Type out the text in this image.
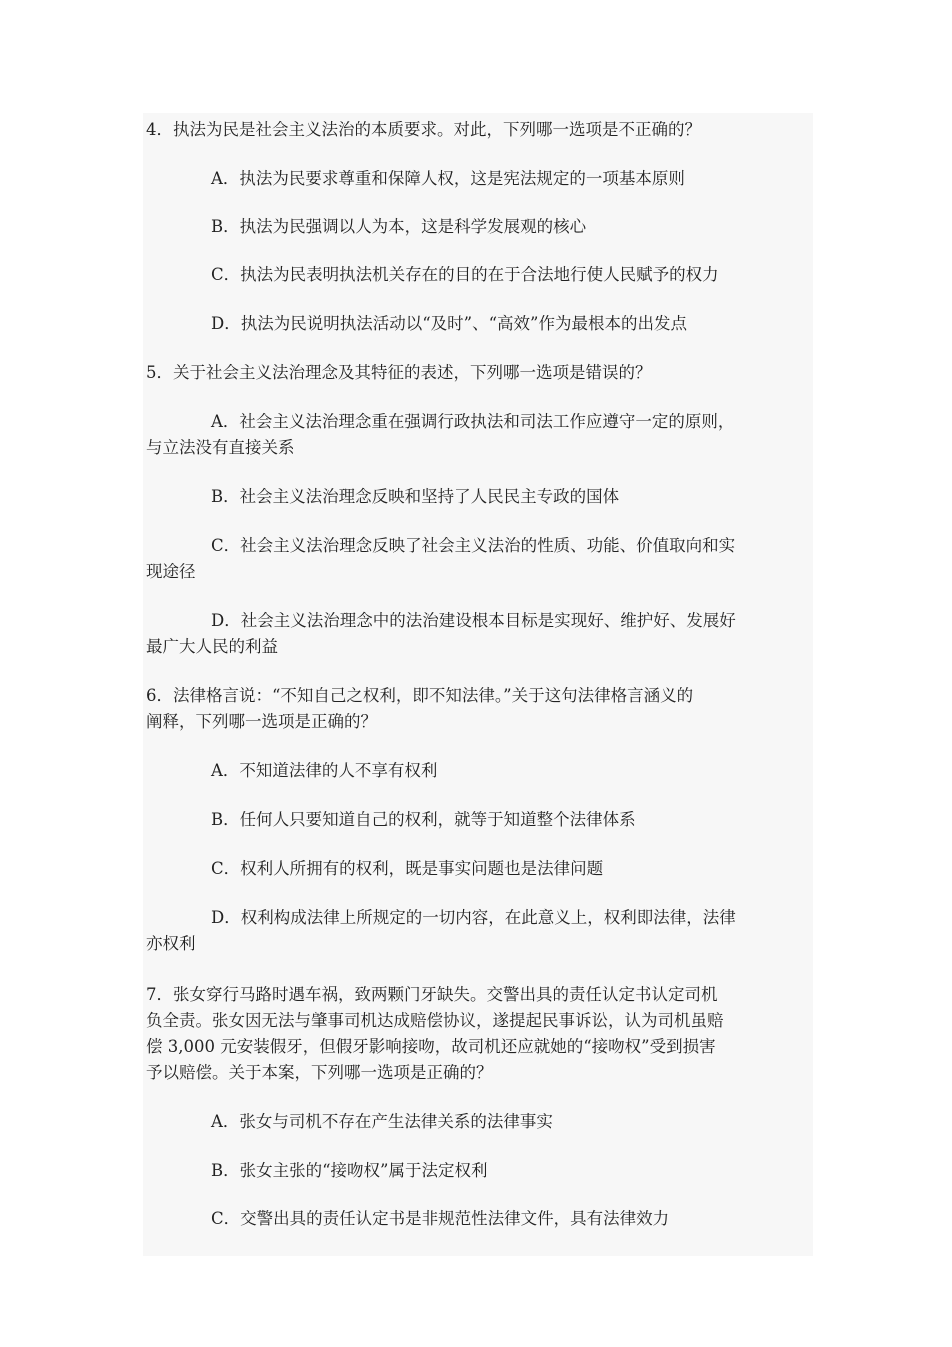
4．执法为民是社会主义法治的本质要求。对此，下列哪一选项是不正确的？

A．执法为民要求尊重和保障人权，这是宪法规定的一项基本原则

B．执法为民强调以人为本，这是科学发展观的核心

C．执法为民表明执法机关存在的目的在于合法地行使人民赋予的权力

D．执法为民说明执法活动以“及时”、“高效”作为最根本的出发点

5．关于社会主义法治理念及其特征的表述，下列哪一选项是错误的？

A．社会主义法治理念重在强调行政执法和司法工作应遵守一定的原则，

与立法没有直接关系

B．社会主义法治理念反映和坚持了人民民主专政的国体

C．社会主义法治理念反映了社会主义法治的性质、功能、价值取向和实

现途径

D．社会主义法治理念中的法治建设根本目标是实现好、维护好、发展好

最广大人民的利益

6．法律格言说：“不知自己之权利，即不知法律。”关于这句法律格言涵义的

阐释，下列哪一选项是正确的？

A．不知道法律的人不享有权利

B．任何人只要知道自己的权利，就等于知道整个法律体系

C．权利人所拥有的权利，既是事实问题也是法律问题

D．权利构成法律上所规定的一切内容，在此意义上，权利即法律，法律

亦权利

7．张女穿行马路时遇车祸，致两颗门牙缺失。交警出具的责任认定书认定司机

负全责。张女因无法与肇事司机达成赔偿协议，遂提起民事诉讼，认为司机虽赔

偿 3,000 元安装假牙，但假牙影响接吻，故司机还应就她的“接吻权”受到损害

予以赔偿。关于本案，下列哪一选项是正确的？

A．张女与司机不存在产生法律关系的法律事实

B．张女主张的“接吻权”属于法定权利

C．交警出具的责任认定书是非规范性法律文件，具有法律效力
